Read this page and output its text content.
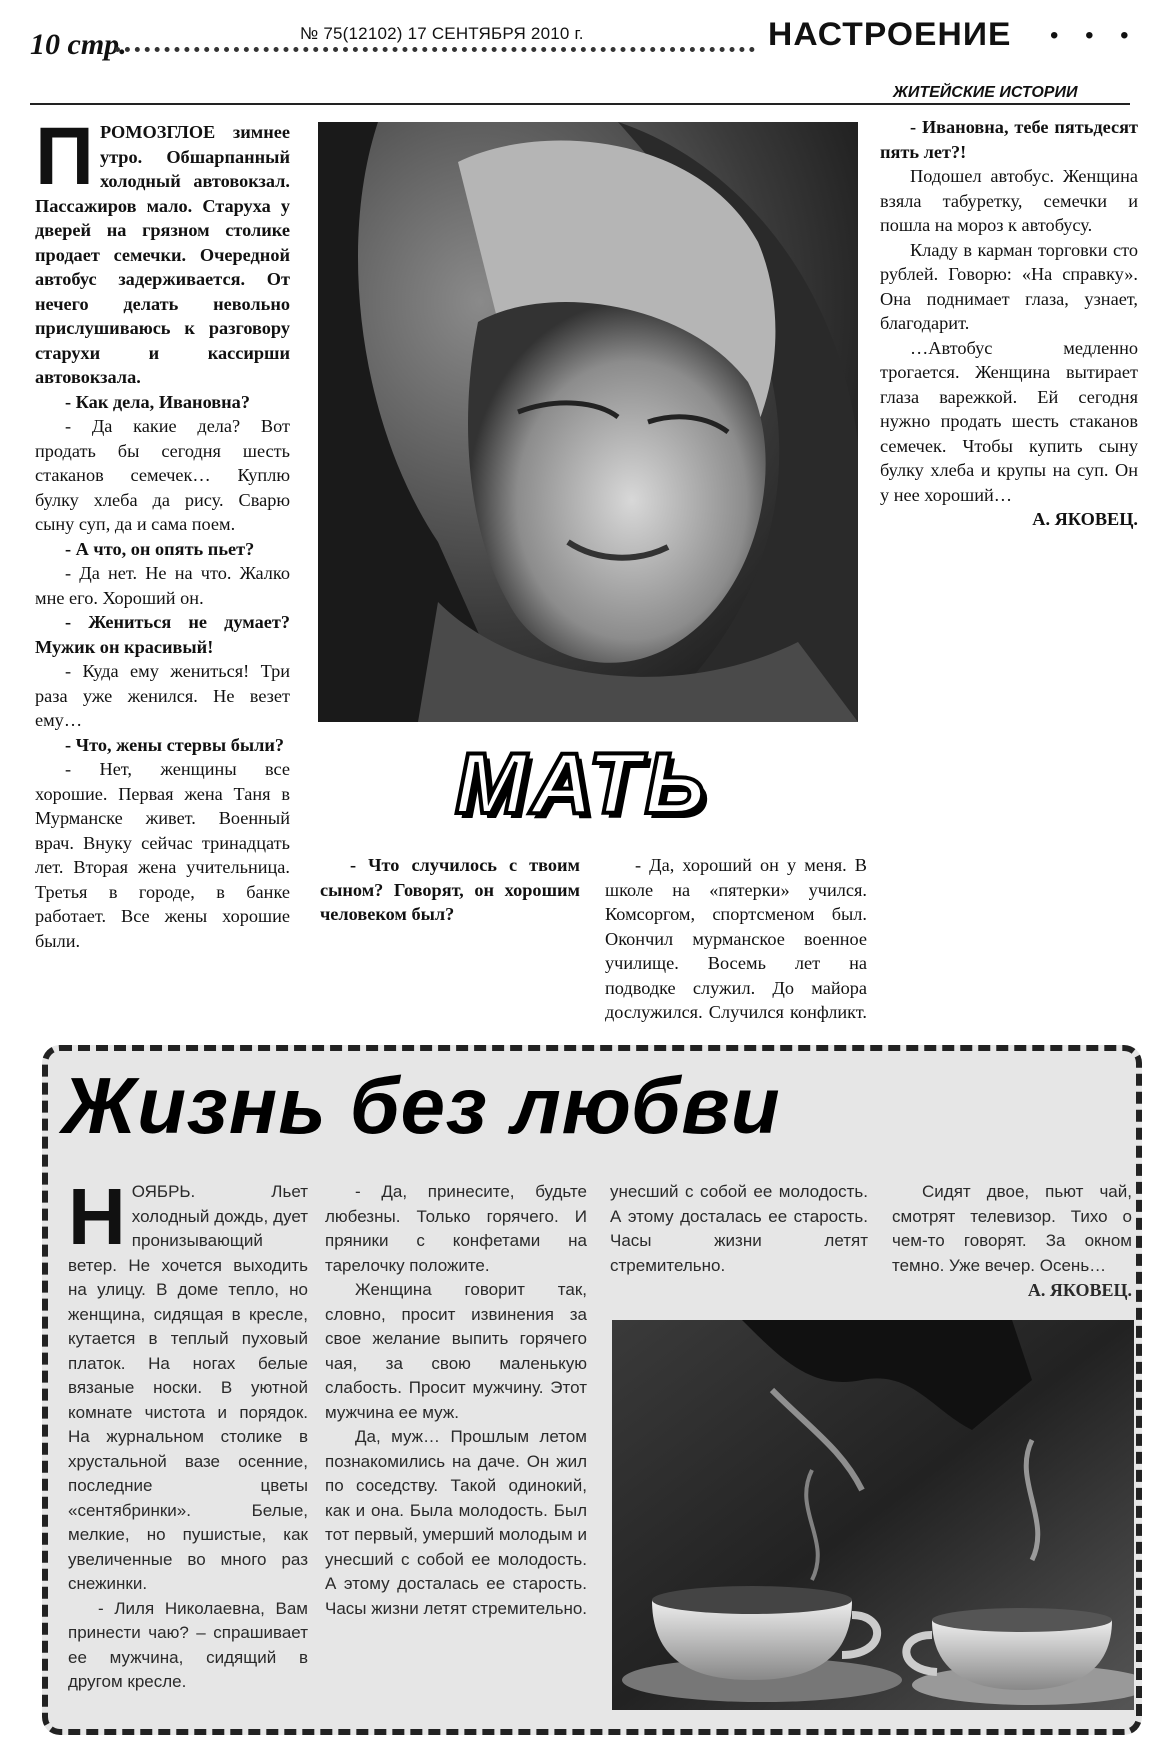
10 стр.	№ 75(12102) 17 СЕНТЯБРЯ 2010 г.	НАСТРОЕНИЕ • • •
ЖИТЕЙСКИЕ ИСТОРИИ

ПРОМОЗГЛОЕ зимнее утро. Обшарпанный холодный автовокзал. Пассажиров мало. Старуха у дверей на грязном столике продает семечки. Очередной автобус задерживается. От нечего делать невольно прислушиваюсь к разговору старухи и кассирши автовокзала.

- Как дела, Ивановна?

- Да какие дела? Вот продать бы сегодня шесть стаканов семечек… Куплю булку хлеба да рису. Сварю сыну суп, да и сама поем.

- А что, он опять пьет?

- Да нет. Не на что. Жалко мне его. Хороший он.

- Жениться не думает? Мужик он красивый!

- Куда ему жениться! Три раза уже женился. Не везет ему…

- Что, жены стервы были?

- Нет, женщины все хорошие. Первая жена Таня в Мурманске живет. Военный врач. Внуку сейчас тринадцать лет. Вторая жена учительница. Третья в городе, в банке работает. Все жены хорошие были.

МАТЬ

- Что случилось с твоим сыном? Говорят, он хорошим человеком был?

- Да, хороший он у меня. В школе на «пятерки» учился. Комсоргом, спортсменом был. Окончил мурманское военное училище. Восемь лет на подводке служил. До майора дослужился. Случился конфликт.

- Ивановна, тебе пятьдесят пять лет?!

Подошел автобус. Женщина взяла табуретку, семечки и пошла на мороз к автобусу.

Кладу в карман торговки сто рублей. Говорю: «На справку». Она поднимает глаза, узнает, благодарит.

…Автобус медленно трогается. Женщина вытирает глаза варежкой. Ей сегодня нужно продать шесть стаканов семечек. Чтобы купить сыну булку хлеба и крупы на суп. Он у нее хороший…

А. ЯКОВЕЦ.

Жизнь без любви

НОЯБРЬ. Льет холодный дождь, дует пронизывающий ветер. Не хочется выходить на улицу. В доме тепло, но женщина, сидящая в кресле, кутается в теплый пуховый платок. На ногах белые вязаные носки. В уютной комнате чистота и порядок. На журнальном столике в хрустальной вазе осенние, последние цветы «сентябринки». Белые, мелкие, но пушистые, как увеличенные во много раз снежинки.

- Лиля Николаевна, Вам принести чаю? – спрашивает ее мужчина, сидящий в другом кресле.

- Да, принесите, будьте любезны. Только горячего. И пряники с конфетами на тарелочку положите.

Женщина говорит так, словно, просит извинения за свое желание выпить горячего чая, за свою маленькую слабость. Просит мужчину. Этот мужчина ее муж.

Да, муж… Прошлым летом познакомились на даче. Он жил по соседству. Такой одинокий, как и она. Была молодость. Был тот первый, умерший молодым и унесший с собой ее молодость. А этому досталась ее старость. Часы жизни летят стремительно.

Сидят двое, пьют чай, смотрят телевизор. Тихо о чем-то говорят. За окном темно. Уже вечер. Осень…

А. ЯКОВЕЦ.

унесший с собой ее молодость. А этому досталась ее старость. Часы жизни летят стремительно.
